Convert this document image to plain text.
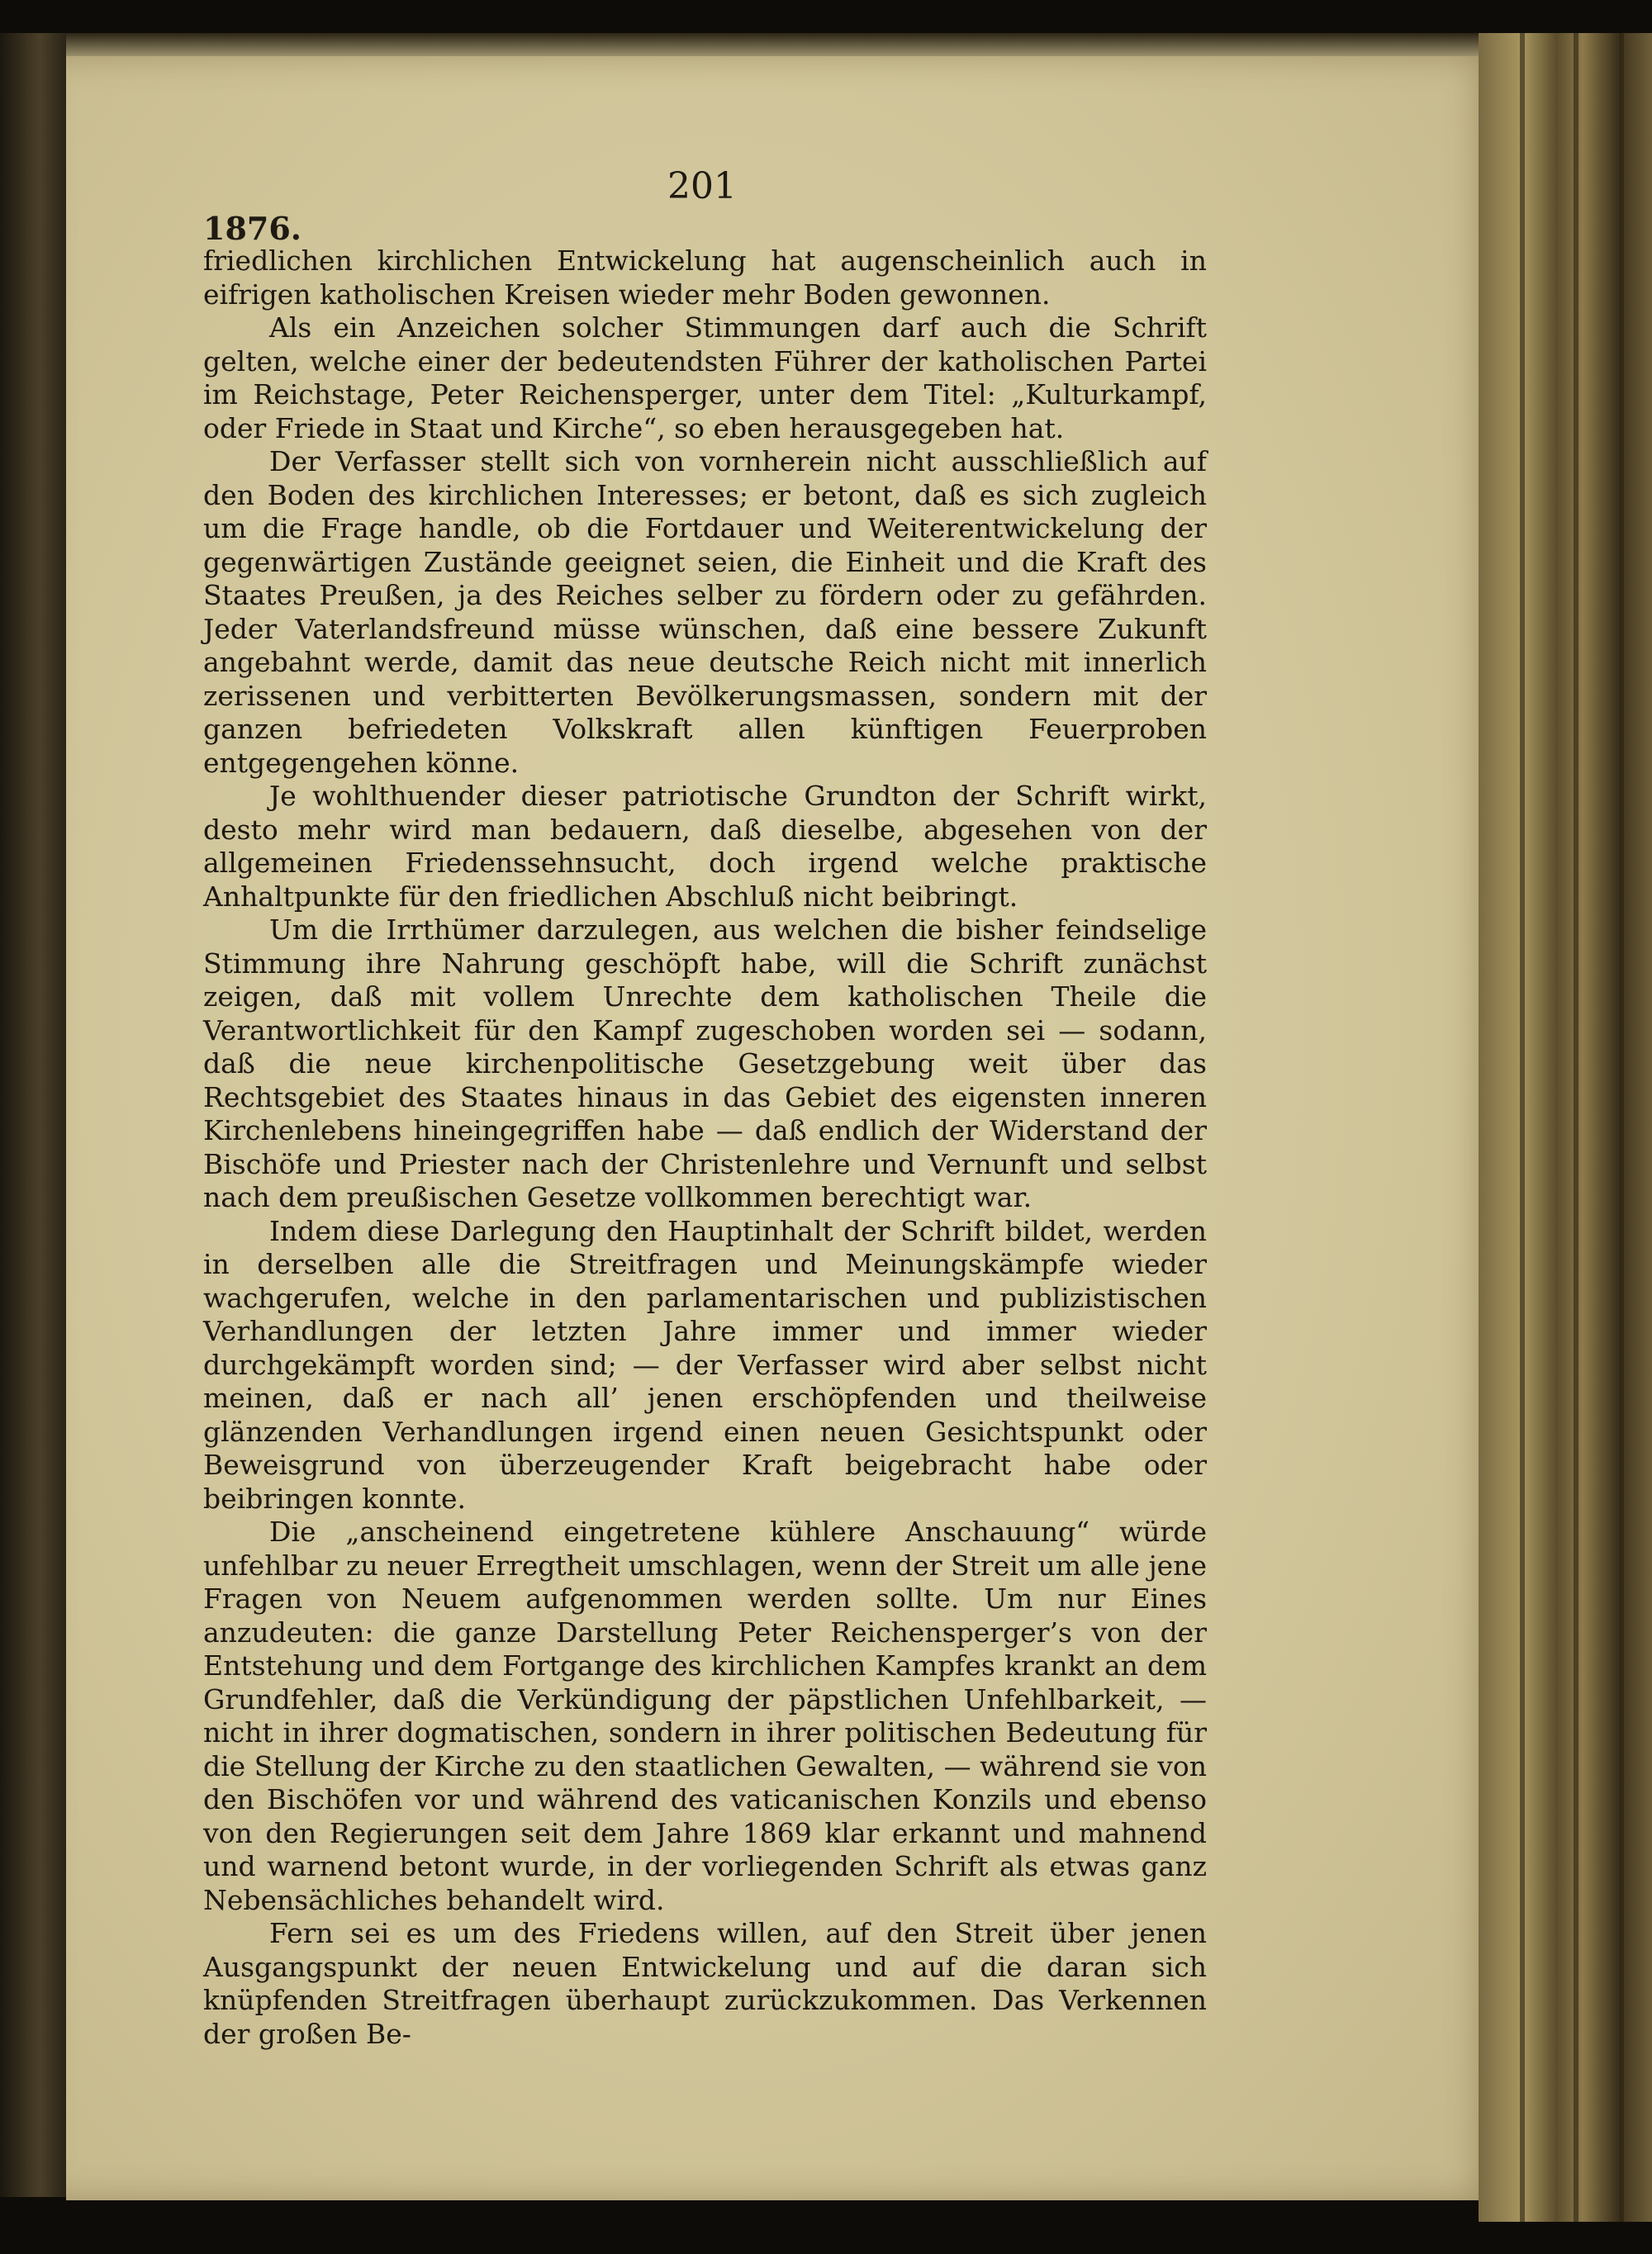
201
1876.

friedlichen kirchlichen Entwickelung hat augenscheinlich auch in eifrigen katholischen Kreisen wieder mehr Boden gewonnen.

Als ein Anzeichen solcher Stimmungen darf auch die Schrift gelten, welche einer der bedeutendsten Führer der katholischen Partei im Reichstage, Peter Reichensperger, unter dem Titel: „Kulturkampf, oder Friede in Staat und Kirche“, so eben herausgegeben hat.

Der Verfasser stellt sich von vornherein nicht ausschließlich auf den Boden des kirchlichen Interesses; er betont, daß es sich zugleich um die Frage handle, ob die Fortdauer und Weiterentwickelung der gegenwärtigen Zustände geeignet seien, die Einheit und die Kraft des Staates Preußen, ja des Reiches selber zu fördern oder zu gefährden. Jeder Vaterlandsfreund müsse wünschen, daß eine bessere Zukunft angebahnt werde, damit das neue deutsche Reich nicht mit innerlich zerissenen und verbitterten Bevölkerungsmassen, sondern mit der ganzen befriedeten Volkskraft allen künftigen Feuerproben entgegengehen könne.

Je wohlthuender dieser patriotische Grundton der Schrift wirkt, desto mehr wird man bedauern, daß dieselbe, abgesehen von der allgemeinen Friedenssehnsucht, doch irgend welche praktische Anhaltpunkte für den friedlichen Abschluß nicht beibringt.

Um die Irrthümer darzulegen, aus welchen die bisher feindselige Stimmung ihre Nahrung geschöpft habe, will die Schrift zunächst zeigen, daß mit vollem Unrechte dem katholischen Theile die Verantwortlichkeit für den Kampf zugeschoben worden sei — sodann, daß die neue kirchenpolitische Gesetzgebung weit über das Rechtsgebiet des Staates hinaus in das Gebiet des eigensten inneren Kirchenlebens hineingegriffen habe — daß endlich der Widerstand der Bischöfe und Priester nach der Christenlehre und Vernunft und selbst nach dem preußischen Gesetze vollkommen berechtigt war.

Indem diese Darlegung den Hauptinhalt der Schrift bildet, werden in derselben alle die Streitfragen und Meinungskämpfe wieder wachgerufen, welche in den parlamentarischen und publizistischen Verhandlungen der letzten Jahre immer und immer wieder durchgekämpft worden sind; — der Verfasser wird aber selbst nicht meinen, daß er nach all’ jenen erschöpfenden und theilweise glänzenden Verhandlungen irgend einen neuen Gesichtspunkt oder Beweisgrund von überzeugender Kraft beigebracht habe oder beibringen konnte.

Die „anscheinend eingetretene kühlere Anschauung“ würde unfehlbar zu neuer Erregtheit umschlagen, wenn der Streit um alle jene Fragen von Neuem aufgenommen werden sollte. Um nur Eines anzudeuten: die ganze Darstellung Peter Reichensperger’s von der Entstehung und dem Fortgange des kirchlichen Kampfes krankt an dem Grundfehler, daß die Verkündigung der päpstlichen Unfehlbarkeit, — nicht in ihrer dogmatischen, sondern in ihrer politischen Bedeutung für die Stellung der Kirche zu den staatlichen Gewalten, — während sie von den Bischöfen vor und während des vaticanischen Konzils und ebenso von den Regierungen seit dem Jahre 1869 klar erkannt und mahnend und warnend betont wurde, in der vorliegenden Schrift als etwas ganz Nebensächliches behandelt wird.

Fern sei es um des Friedens willen, auf den Streit über jenen Ausgangspunkt der neuen Entwickelung und auf die daran sich knüpfenden Streitfragen überhaupt zurückzukommen. Das Verkennen der großen Be-
